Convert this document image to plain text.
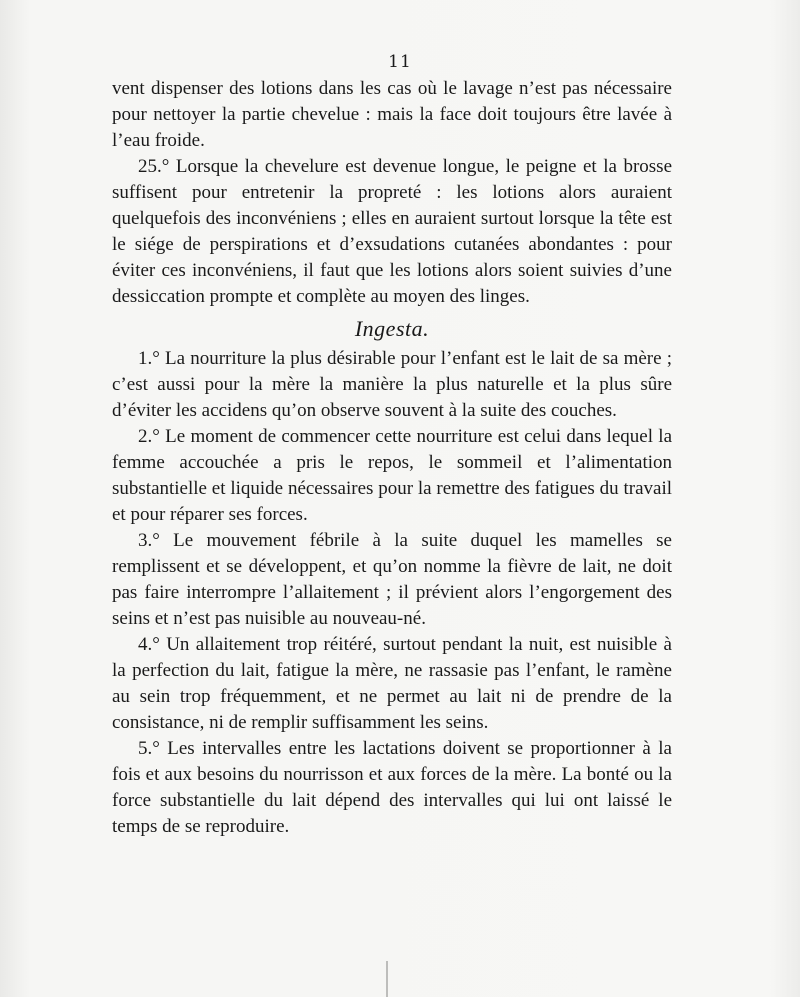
11

vent dispenser des lotions dans les cas où le lavage n’est pas nécessaire pour nettoyer la partie chevelue : mais la face doit toujours être lavée à l’eau froide.

25.° Lorsque la chevelure est devenue longue, le peigne et la brosse suffisent pour entretenir la propreté : les lotions alors auraient quelquefois des inconvéniens ; elles en auraient surtout lorsque la tête est le siége de perspirations et d’exsudations cutanées abondantes : pour éviter ces inconvéniens, il faut que les lotions alors soient suivies d’une dessiccation prompte et complète au moyen des linges.

Ingesta.

1.° La nourriture la plus désirable pour l’enfant est le lait de sa mère ; c’est aussi pour la mère la manière la plus naturelle et la plus sûre d’éviter les accidens qu’on observe souvent à la suite des couches.

2.° Le moment de commencer cette nourriture est celui dans lequel la femme accouchée a pris le repos, le sommeil et l’alimentation substantielle et liquide nécessaires pour la remettre des fatigues du travail et pour réparer ses forces.

3.° Le mouvement fébrile à la suite duquel les mamelles se remplissent et se développent, et qu’on nomme la fièvre de lait, ne doit pas faire interrompre l’allaitement ; il prévient alors l’engorgement des seins et n’est pas nuisible au nouveau-né.

4.° Un allaitement trop réitéré, surtout pendant la nuit, est nuisible à la perfection du lait, fatigue la mère, ne rassasie pas l’enfant, le ramène au sein trop fréquemment, et ne permet au lait ni de prendre de la consistance, ni de remplir suffisamment les seins.

5.° Les intervalles entre les lactations doivent se proportionner à la fois et aux besoins du nourrisson et aux forces de la mère. La bonté ou la force substantielle du lait dépend des intervalles qui lui ont laissé le temps de se reproduire.
